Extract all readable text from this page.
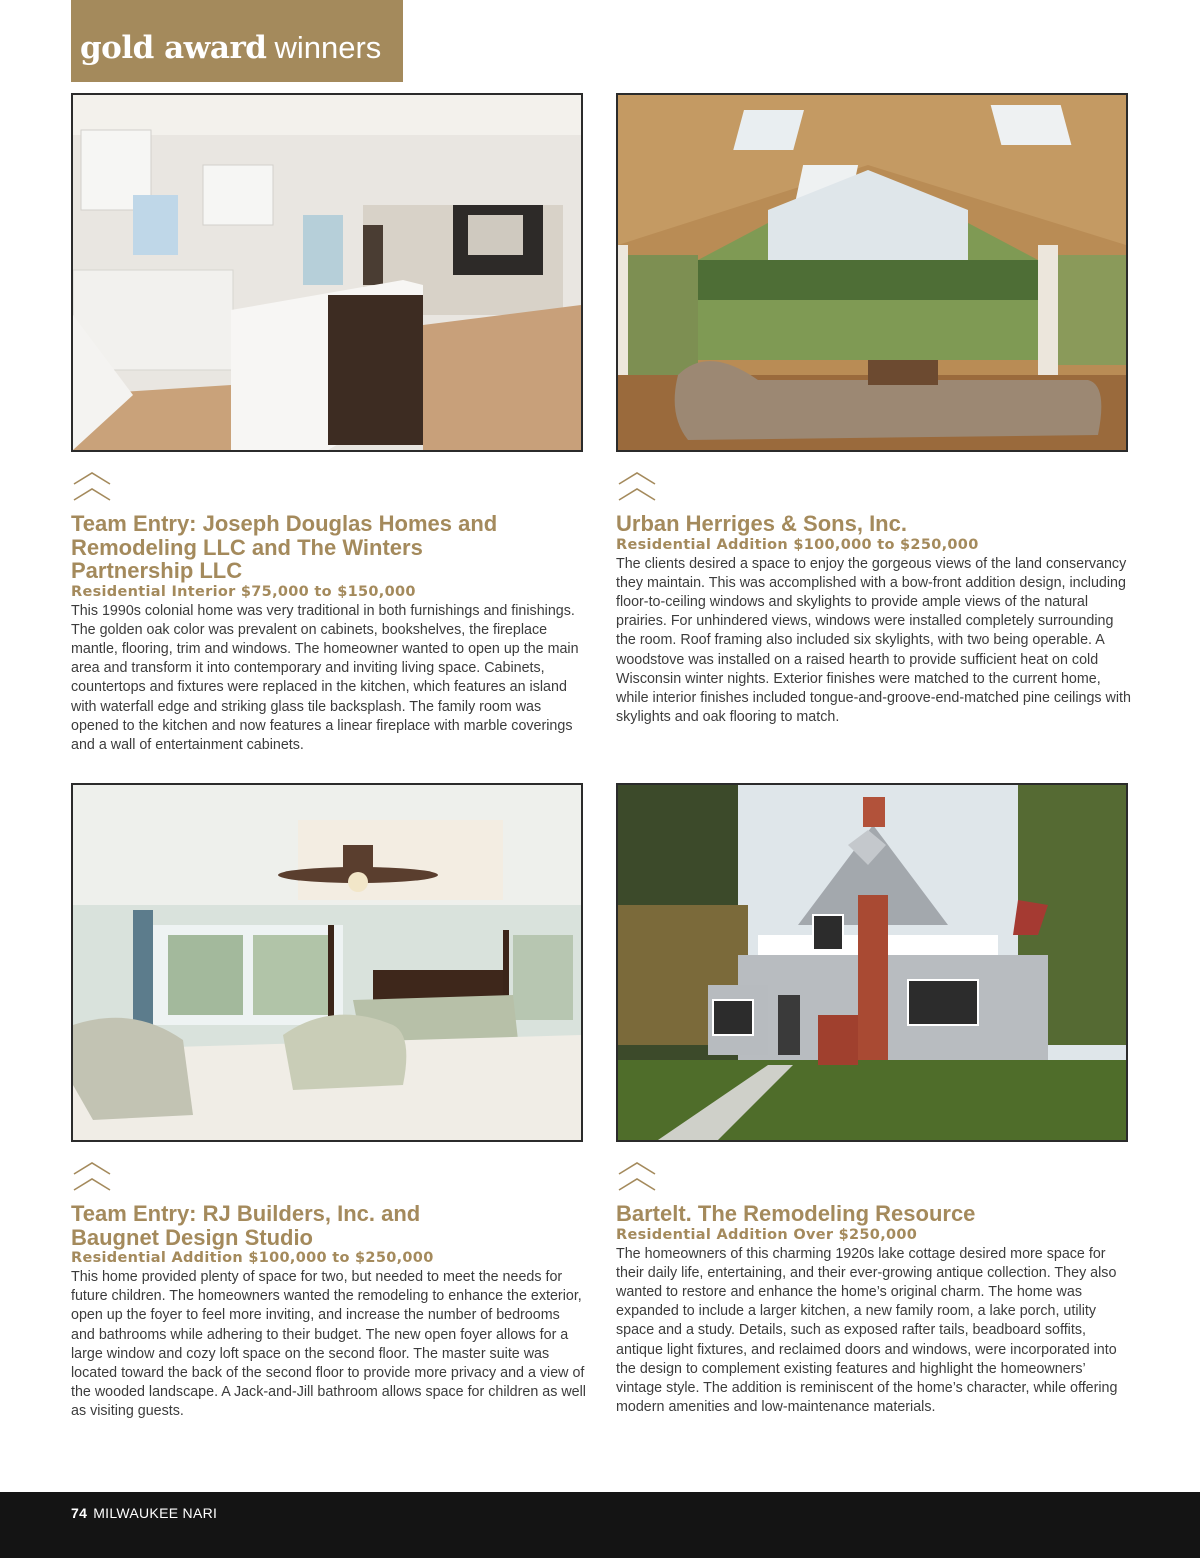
gold award winners
Team Entry: Joseph Douglas Homes and Remodeling LLC and The Winters Partnership LLC
Residential Interior $75,000 to $150,000

This 1990s colonial home was very traditional in both furnishings and finishings. The golden oak color was prevalent on cabinets, bookshelves, the fireplace mantle, flooring, trim and windows. The homeowner wanted to open up the main area and transform it into contemporary and inviting living space. Cabinets, countertops and fixtures were replaced in the kitchen, which features an island with waterfall edge and striking glass tile backsplash. The family room was opened to the kitchen and now features a linear fireplace with marble coverings and a wall of entertainment cabinets.

Urban Herriges & Sons, Inc.
Residential Addition $100,000 to $250,000

The clients desired a space to enjoy the gorgeous views of the land conservancy they maintain. This was accomplished with a bow-front addition design, including floor-to-ceiling windows and skylights to provide ample views of the natural prairies. For unhindered views, windows were installed completely surrounding the room. Roof framing also included six skylights, with two being operable. A woodstove was installed on a raised hearth to provide sufficient heat on cold Wisconsin winter nights. Exterior finishes were matched to the current home, while interior finishes included tongue-and-groove-end-matched pine ceilings with skylights and oak flooring to match.

Team Entry: RJ Builders, Inc. and Baugnet Design Studio
Residential Addition $100,000 to $250,000

This home provided plenty of space for two, but needed to meet the needs for future children. The homeowners wanted the remodeling to enhance the exterior, open up the foyer to feel more inviting, and increase the number of bedrooms and bathrooms while adhering to their budget. The new open foyer allows for a large window and cozy loft space on the second floor. The master suite was located toward the back of the second floor to provide more privacy and a view of the wooded landscape. A Jack-and-Jill bathroom allows space for children as well as visiting guests.

Bartelt. The Remodeling Resource
Residential Addition Over $250,000

The homeowners of this charming 1920s lake cottage desired more space for their daily life, entertaining, and their ever-growing antique collection. They also wanted to restore and enhance the home’s original charm. The home was expanded to include a larger kitchen, a new family room, a lake porch, utility space and a study. Details, such as exposed rafter tails, beadboard soffits, antique light fixtures, and reclaimed doors and windows, were incorporated into the design to complement existing features and highlight the homeowners’ vintage style. The addition is reminiscent of the home’s character, while offering modern amenities and low-maintenance materials.

74 MILWAUKEE NARI
